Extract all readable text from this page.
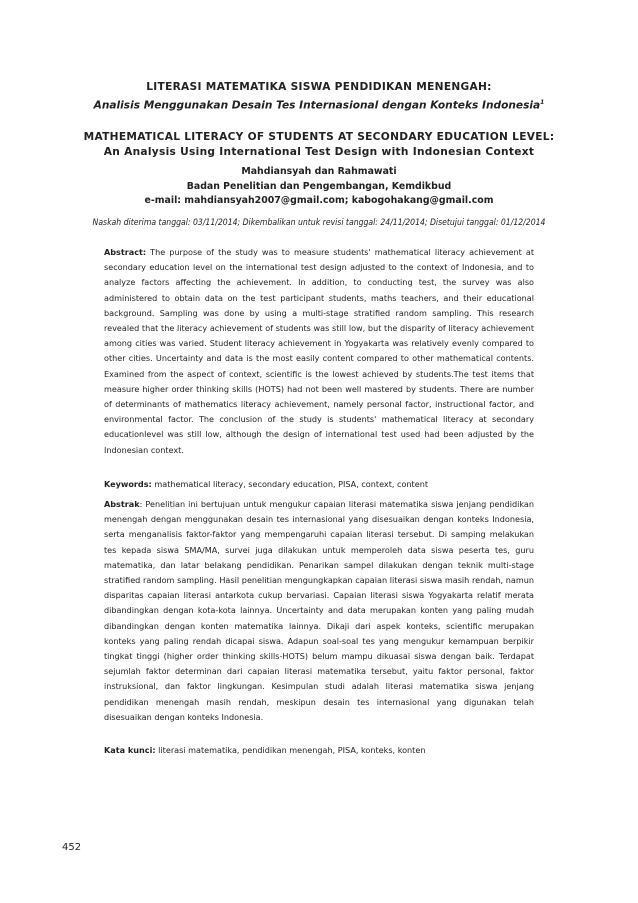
LITERASI MATEMATIKA SISWA PENDIDIKAN MENENGAH:
Analisis Menggunakan Desain Tes Internasional dengan Konteks Indonesia$^1$
MATHEMATICAL LITERACY OF STUDENTS AT SECONDARY EDUCATION LEVEL:
An Analysis Using International Test Design with Indonesian Context
Mahdiansyah dan Rahmawati
Badan Penelitian dan Pengembangan, Kemdikbud
e-mail: mahdiansyah2007@gmail.com; kabogohakang@gmail.com
Naskah diterima tanggal: 03/11/2014; Dikembalikan untuk revisi tanggal: 24/11/2014; Disetujui tanggal: 01/12/2014
Abstract: The purpose of the study was to measure students' mathematical literacy achievement at secondary education level on the international test design adjusted to the context of Indonesia, and to analyze factors affecting the achievement. In addition, to conducting test, the survey was also administered to obtain data on the test participant students, maths teachers, and their educational background. Sampling was done by using a multi-stage stratified random sampling. This research revealed that the literacy achievement of students was still low, but the disparity of literacy achievement among cities was varied. Student literacy achievement in Yogyakarta was relatively evenly compared to other cities. Uncertainty and data is the most easily content compared to other mathematical contents. Examined from the aspect of context, scientific is the lowest achieved by students.The test items that measure higher order thinking skills (HOTS) had not been well mastered by students. There are number of determinants of mathematics literacy achievement, namely personal factor, instructional factor, and environmental factor. The conclusion of the study is students' mathematical literacy at secondary educationlevel was still low, although the design of international test used had been adjusted by the Indonesian context.
Keywords: mathematical literacy, secondary education, PISA, context, content
Abstrak: Penelitian ini bertujuan untuk mengukur capaian literasi matematika siswa jenjang pendidikan menengah dengan menggunakan desain tes internasional yang disesuaikan dengan konteks Indonesia, serta menganalisis faktor-faktor yang mempengaruhi capaian literasi tersebut. Di samping melakukan tes kepada siswa SMA/MA, survei juga dilakukan untuk memperoleh data siswa peserta tes, guru matematika, dan latar belakang pendidikan. Penarikan sampel dilakukan dengan teknik multi-stage stratified random sampling. Hasil penelitian mengungkapkan capaian literasi siswa masih rendah, namun disparitas capaian literasi antarkota cukup bervariasi. Capaian literasi siswa Yogyakarta relatif merata dibandingkan dengan kota-kota lainnya. Uncertainty and data merupakan konten yang paling mudah dibandingkan dengan konten matematika lainnya. Dikaji dari aspek konteks, scientific merupakan konteks yang paling rendah dicapai siswa. Adapun soal-soal tes yang mengukur kemampuan berpikir tingkat tinggi (higher order thinking skills-HOTS) belum mampu dikuasai siswa dengan baik. Terdapat sejumlah faktor determinan dari capaian literasi matematika tersebut, yaitu faktor personal, faktor instruksional, dan faktor lingkungan. Kesimpulan studi adalah literasi matematika siswa jenjang pendidikan menengah masih rendah, meskipun desain tes internasional yang digunakan telah disesuaikan dengan konteks Indonesia.
Kata kunci: literasi matematika, pendidikan menengah, PISA, konteks, konten
452
